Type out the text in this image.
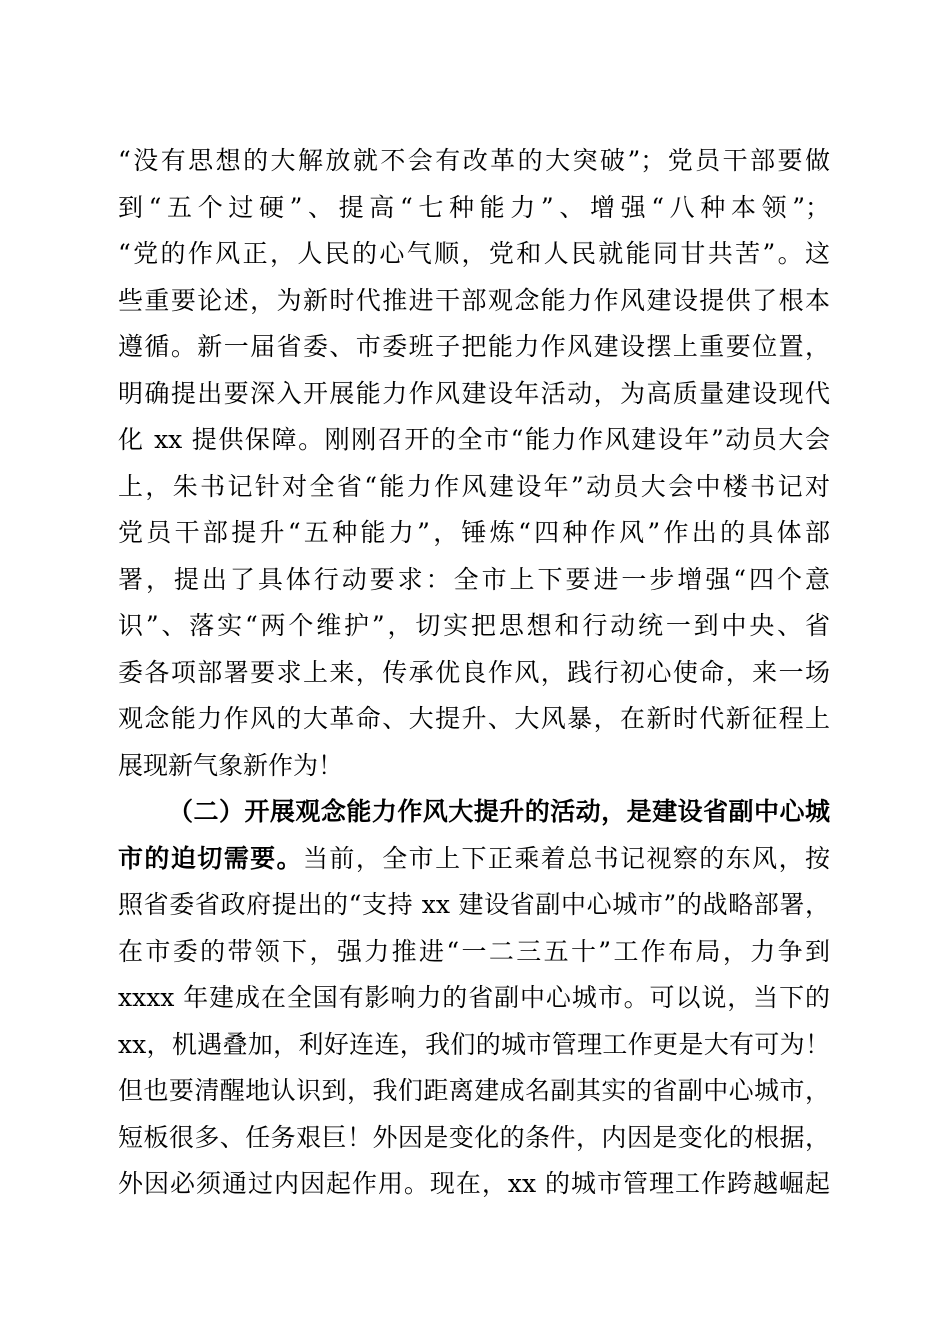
“没有思想的大解放就不会有改革的大突破”；党员干部要做
到“五个过硬”、提高“七种能力”、增强“八种本领”；
“党的作风正，人民的心气顺，党和人民就能同甘共苦”。这
些重要论述，为新时代推进干部观念能力作风建设提供了根本
遵循。新一届省委、市委班子把能力作风建设摆上重要位置，
明确提出要深入开展能力作风建设年活动，为高质量建设现代
化 xx 提供保障。刚刚召开的全市“能力作风建设年”动员大会
上，朱书记针对全省“能力作风建设年”动员大会中楼书记对
党员干部提升“五种能力”，锤炼“四种作风”作出的具体部
署，提出了具体行动要求：全市上下要进一步增强“四个意
识”、落实“两个维护”，切实把思想和行动统一到中央、省
委各项部署要求上来，传承优良作风，践行初心使命，来一场
观念能力作风的大革命、大提升、大风暴，在新时代新征程上
展现新气象新作为！
（二）开展观念能力作风大提升的活动，是建设省副中心城
市的迫切需要。当前，全市上下正乘着总书记视察的东风，按
照省委省政府提出的“支持 xx 建设省副中心城市”的战略部署，
在市委的带领下，强力推进“一二三五十”工作布局，力争到
xxxx 年建成在全国有影响力的省副中心城市。可以说，当下的
xx，机遇叠加，利好连连，我们的城市管理工作更是大有可为！
但也要清醒地认识到，我们距离建成名副其实的省副中心城市，
短板很多、任务艰巨！外因是变化的条件，内因是变化的根据，
外因必须通过内因起作用。现在，xx 的城市管理工作跨越崛起
